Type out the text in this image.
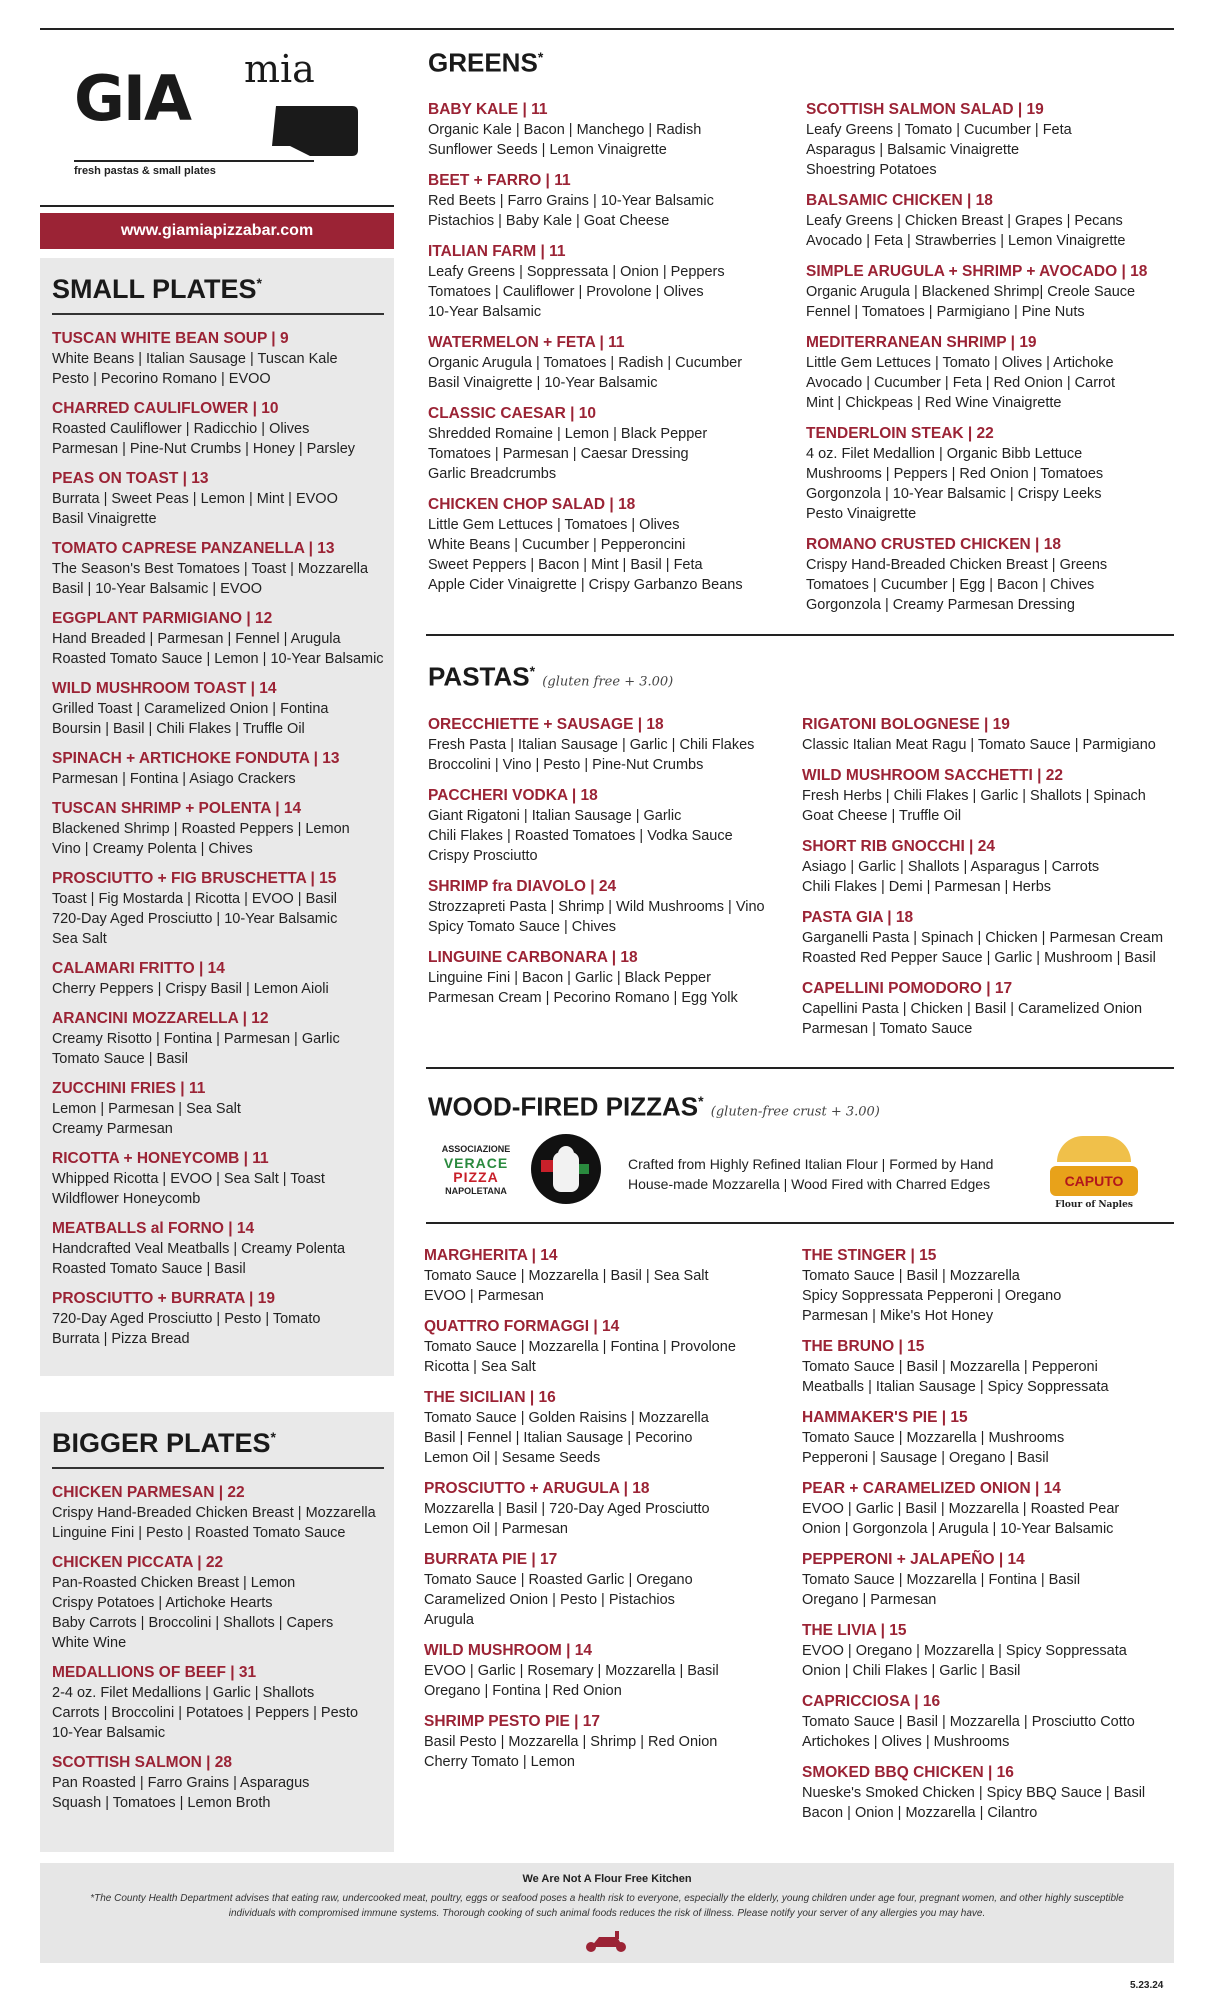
GIA mia
fresh pastas & small plates
www.giamiapizzabar.com
SMALL PLATES*
TUSCAN WHITE BEAN SOUP | 9
White Beans | Italian Sausage | Tuscan Kale
Pesto | Pecorino Romano | EVOO
CHARRED CAULIFLOWER | 10
Roasted Cauliflower | Radicchio | Olives
Parmesan | Pine-Nut Crumbs | Honey | Parsley
PEAS ON TOAST | 13
Burrata | Sweet Peas | Lemon | Mint | EVOO
Basil Vinaigrette
TOMATO CAPRESE PANZANELLA | 13
The Season's Best Tomatoes | Toast | Mozzarella
Basil | 10-Year Balsamic | EVOO
EGGPLANT PARMIGIANO | 12
Hand Breaded | Parmesan | Fennel | Arugula
Roasted Tomato Sauce | Lemon | 10-Year Balsamic
WILD MUSHROOM TOAST | 14
Grilled Toast | Caramelized Onion | Fontina
Boursin | Basil | Chili Flakes | Truffle Oil
SPINACH + ARTICHOKE FONDUTA | 13
Parmesan | Fontina | Asiago Crackers
TUSCAN SHRIMP + POLENTA | 14
Blackened Shrimp | Roasted Peppers | Lemon
Vino | Creamy Polenta | Chives
PROSCIUTTO + FIG BRUSCHETTA | 15
Toast | Fig Mostarda | Ricotta | EVOO | Basil
720-Day Aged Prosciutto | 10-Year Balsamic
Sea Salt
CALAMARI FRITTO | 14
Cherry Peppers | Crispy Basil | Lemon Aioli
ARANCINI MOZZARELLA | 12
Creamy Risotto | Fontina | Parmesan | Garlic
Tomato Sauce | Basil
ZUCCHINI FRIES | 11
Lemon | Parmesan | Sea Salt
Creamy Parmesan
RICOTTA + HONEYCOMB | 11
Whipped Ricotta | EVOO | Sea Salt | Toast
Wildflower Honeycomb
MEATBALLS al FORNO | 14
Handcrafted Veal Meatballs | Creamy Polenta
Roasted Tomato Sauce | Basil
PROSCIUTTO + BURRATA | 19
720-Day Aged Prosciutto | Pesto | Tomato
Burrata | Pizza Bread
BIGGER PLATES*
CHICKEN PARMESAN | 22
Crispy Hand-Breaded Chicken Breast | Mozzarella
Linguine Fini | Pesto | Roasted Tomato Sauce
CHICKEN PICCATA | 22
Pan-Roasted Chicken Breast | Lemon
Crispy Potatoes | Artichoke Hearts
Baby Carrots | Broccolini | Shallots | Capers
White Wine
MEDALLIONS OF BEEF | 31
2-4 oz. Filet Medallions | Garlic | Shallots
Carrots | Broccolini | Potatoes | Peppers | Pesto
10-Year Balsamic
SCOTTISH SALMON | 28
Pan Roasted | Farro Grains | Asparagus
Squash | Tomatoes | Lemon Broth
GREENS*
BABY KALE | 11
Organic Kale | Bacon | Manchego | Radish
Sunflower Seeds | Lemon Vinaigrette
BEET + FARRO | 11
Red Beets | Farro Grains | 10-Year Balsamic
Pistachios | Baby Kale | Goat Cheese
ITALIAN FARM | 11
Leafy Greens | Soppressata | Onion | Peppers
Tomatoes | Cauliflower | Provolone | Olives
10-Year Balsamic
WATERMELON + FETA | 11
Organic Arugula | Tomatoes | Radish | Cucumber
Basil Vinaigrette | 10-Year Balsamic
CLASSIC CAESAR | 10
Shredded Romaine | Lemon | Black Pepper
Tomatoes | Parmesan | Caesar Dressing
Garlic Breadcrumbs
CHICKEN CHOP SALAD | 18
Little Gem Lettuces | Tomatoes | Olives
White Beans | Cucumber | Pepperoncini
Sweet Peppers | Bacon | Mint | Basil | Feta
Apple Cider Vinaigrette | Crispy Garbanzo Beans
SCOTTISH SALMON SALAD | 19
Leafy Greens | Tomato | Cucumber | Feta
Asparagus | Balsamic Vinaigrette
Shoestring Potatoes
BALSAMIC CHICKEN | 18
Leafy Greens | Chicken Breast | Grapes | Pecans
Avocado | Feta | Strawberries | Lemon Vinaigrette
SIMPLE ARUGULA + SHRIMP + AVOCADO | 18
Organic Arugula | Blackened Shrimp| Creole Sauce
Fennel | Tomatoes | Parmigiano | Pine Nuts
MEDITERRANEAN SHRIMP | 19
Little Gem Lettuces | Tomato | Olives | Artichoke
Avocado | Cucumber | Feta | Red Onion | Carrot
Mint | Chickpeas | Red Wine Vinaigrette
TENDERLOIN STEAK | 22
4 oz. Filet Medallion | Organic Bibb Lettuce
Mushrooms | Peppers | Red Onion | Tomatoes
Gorgonzola | 10-Year Balsamic | Crispy Leeks
Pesto Vinaigrette
ROMANO CRUSTED CHICKEN | 18
Crispy Hand-Breaded Chicken Breast | Greens
Tomatoes | Cucumber | Egg | Bacon | Chives
Gorgonzola | Creamy Parmesan Dressing
PASTAS* (gluten free + 3.00)
ORECCHIETTE + SAUSAGE | 18
Fresh Pasta | Italian Sausage | Garlic | Chili Flakes
Broccolini | Vino | Pesto | Pine-Nut Crumbs
PACCHERI VODKA | 18
Giant Rigatoni | Italian Sausage | Garlic
Chili Flakes | Roasted Tomatoes | Vodka Sauce
Crispy Prosciutto
SHRIMP fra DIAVOLO | 24
Strozzapreti Pasta | Shrimp | Wild Mushrooms | Vino
Spicy Tomato Sauce | Chives
LINGUINE CARBONARA | 18
Linguine Fini | Bacon | Garlic | Black Pepper
Parmesan Cream | Pecorino Romano | Egg Yolk
RIGATONI BOLOGNESE | 19
Classic Italian Meat Ragu | Tomato Sauce | Parmigiano
WILD MUSHROOM SACCHETTI | 22
Fresh Herbs | Chili Flakes | Garlic | Shallots | Spinach
Goat Cheese | Truffle Oil
SHORT RIB GNOCCHI | 24
Asiago | Garlic | Shallots | Asparagus | Carrots
Chili Flakes | Demi | Parmesan | Herbs
PASTA GIA | 18
Garganelli Pasta | Spinach | Chicken | Parmesan Cream
Roasted Red Pepper Sauce | Garlic | Mushroom | Basil
CAPELLINI POMODORO | 17
Capellini Pasta | Chicken | Basil | Caramelized Onion
Parmesan | Tomato Sauce
WOOD-FIRED PIZZAS* (gluten-free crust + 3.00)
ASSOCIAZIONE
VERACE
PIZZA
NAPOLETANA
Crafted from Highly Refined Italian Flour | Formed by Hand
House-made Mozzarella | Wood Fired with Charred Edges	CAPUTO
Flour of Naples
MARGHERITA | 14
Tomato Sauce | Mozzarella | Basil | Sea Salt
EVOO | Parmesan
QUATTRO FORMAGGI | 14
Tomato Sauce | Mozzarella | Fontina | Provolone
Ricotta | Sea Salt
THE SICILIAN | 16
Tomato Sauce | Golden Raisins | Mozzarella
Basil | Fennel | Italian Sausage | Pecorino
Lemon Oil | Sesame Seeds
PROSCIUTTO + ARUGULA | 18
Mozzarella | Basil | 720-Day Aged Prosciutto
Lemon Oil | Parmesan
BURRATA PIE | 17
Tomato Sauce | Roasted Garlic | Oregano
Caramelized Onion | Pesto | Pistachios
Arugula
WILD MUSHROOM | 14
EVOO | Garlic | Rosemary | Mozzarella | Basil
Oregano | Fontina | Red Onion
SHRIMP PESTO PIE | 17
Basil Pesto | Mozzarella | Shrimp | Red Onion
Cherry Tomato | Lemon
THE STINGER | 15
Tomato Sauce | Basil | Mozzarella
Spicy Soppressata Pepperoni | Oregano
Parmesan | Mike's Hot Honey
THE BRUNO | 15
Tomato Sauce | Basil | Mozzarella | Pepperoni
Meatballs | Italian Sausage | Spicy Soppressata
HAMMAKER'S PIE | 15
Tomato Sauce | Mozzarella | Mushrooms
Pepperoni | Sausage | Oregano | Basil
PEAR + CARAMELIZED ONION | 14
EVOO | Garlic | Basil | Mozzarella | Roasted Pear
Onion | Gorgonzola | Arugula | 10-Year Balsamic
PEPPERONI + JALAPEÑO | 14
Tomato Sauce | Mozzarella | Fontina | Basil
Oregano | Parmesan
THE LIVIA | 15
EVOO | Oregano | Mozzarella | Spicy Soppressata
Onion | Chili Flakes | Garlic | Basil
CAPRICCIOSA | 16
Tomato Sauce | Basil | Mozzarella | Prosciutto Cotto
Artichokes | Olives | Mushrooms
SMOKED BBQ CHICKEN | 16
Nueske's Smoked Chicken | Spicy BBQ Sauce | Basil
Bacon | Onion | Mozzarella | Cilantro
We Are Not A Flour Free Kitchen
*The County Health Department advises that eating raw, undercooked meat, poultry, eggs or seafood poses a health risk to everyone, especially the elderly, young children under age four, pregnant women, and other highly susceptible individuals with compromised immune systems. Thorough cooking of such animal foods reduces the risk of illness. Please notify your server of any allergies you may have.
5.23.24
